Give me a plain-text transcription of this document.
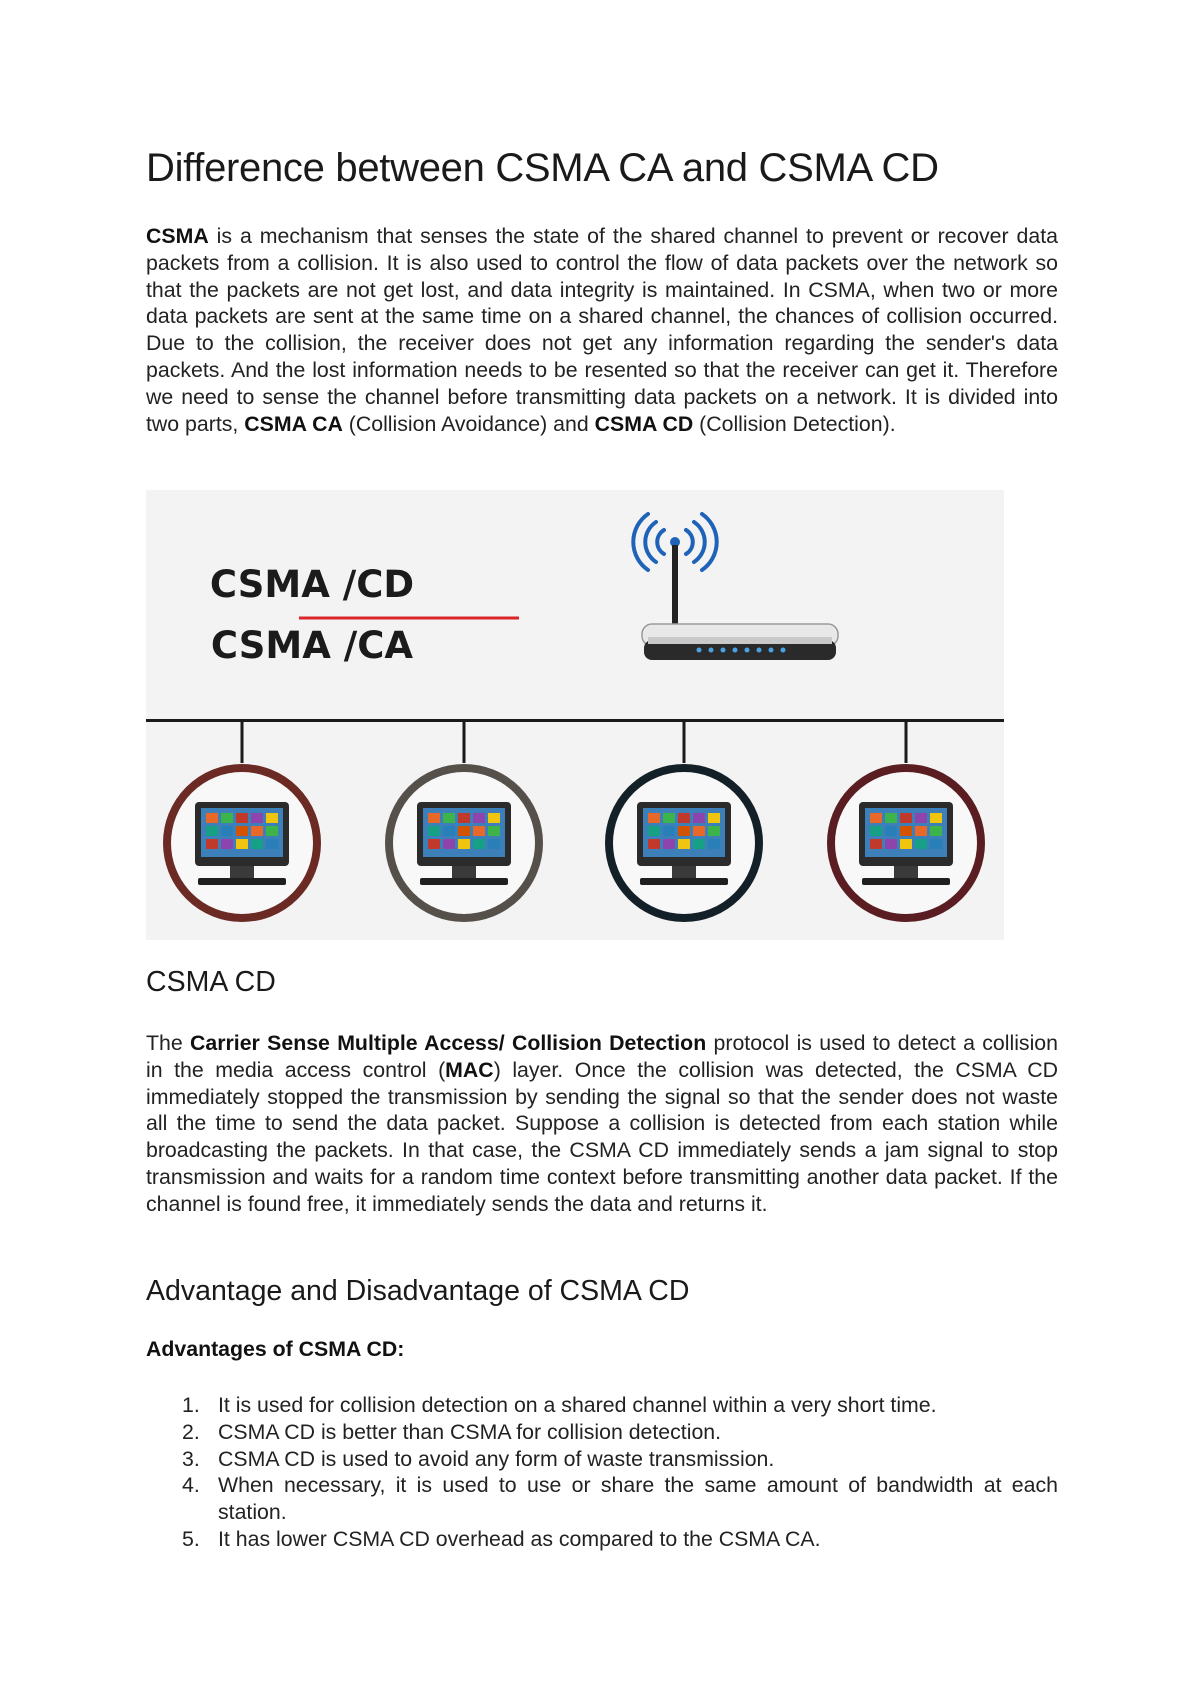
Difference between CSMA CA and CSMA CD

CSMA is a mechanism that senses the state of the shared channel to prevent or recover data packets from a collision. It is also used to control the flow of data packets over the network so that the packets are not get lost, and data integrity is maintained. In CSMA, when two or more data packets are sent at the same time on a shared channel, the chances of collision occurred. Due to the collision, the receiver does not get any information regarding the sender's data packets. And the lost information needs to be resented so that the receiver can get it. Therefore we need to sense the channel before transmitting data packets on a network. It is divided into two parts, CSMA CA (Collision Avoidance) and CSMA CD (Collision Detection).

CSMA /CD
CSMA /CA
CSMA CD

The Carrier Sense Multiple Access/ Collision Detection protocol is used to detect a collision in the media access control (MAC) layer. Once the collision was detected, the CSMA CD immediately stopped the transmission by sending the signal so that the sender does not waste all the time to send the data packet. Suppose a collision is detected from each station while broadcasting the packets. In that case, the CSMA CD immediately sends a jam signal to stop transmission and waits for a random time context before transmitting another data packet. If the channel is found free, it immediately sends the data and returns it.

Advantage and Disadvantage of CSMA CD

Advantages of CSMA CD:

1. It is used for collision detection on a shared channel within a very short time.
2. CSMA CD is better than CSMA for collision detection.
3. CSMA CD is used to avoid any form of waste transmission.
4. When necessary, it is used to use or share the same amount of bandwidth at each station.
5. It has lower CSMA CD overhead as compared to the CSMA CA.
